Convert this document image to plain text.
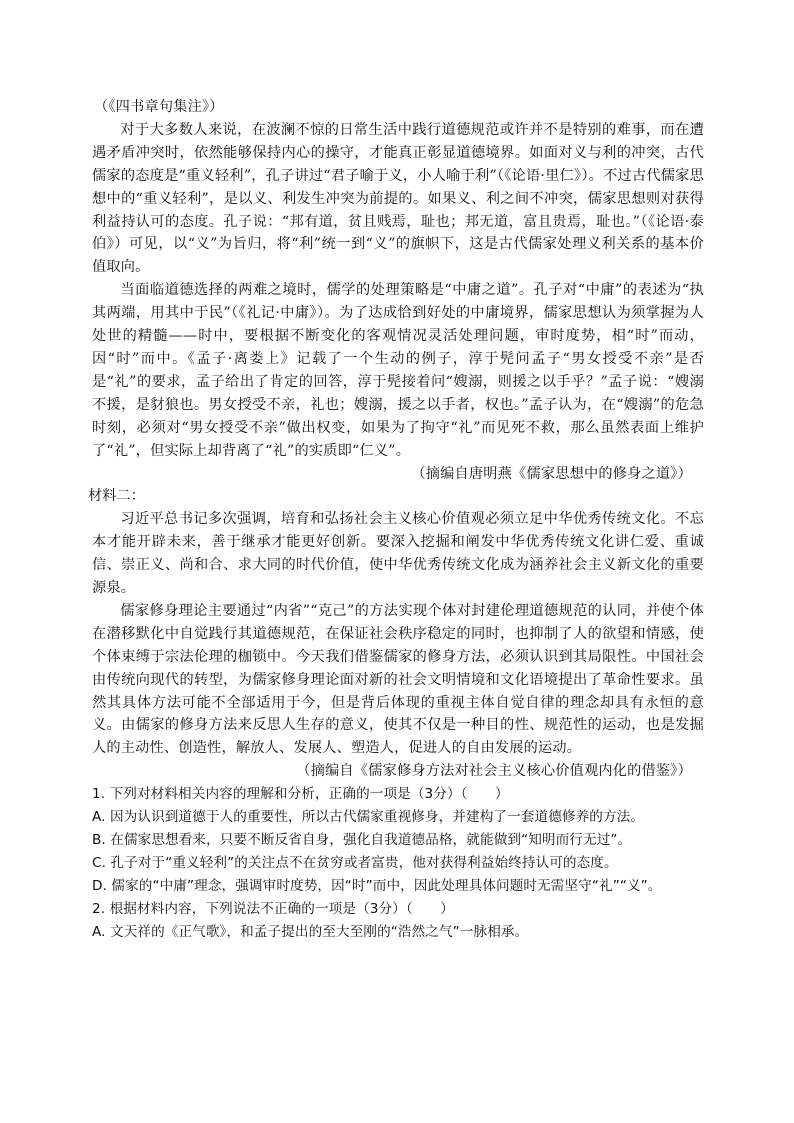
（《四书章句集注》）

对于大多数人来说，在波澜不惊的日常生活中践行道德规范或许并不是特别的难事，而在遭遇矛盾冲突时，依然能够保持内心的操守，才能真正彰显道德境界。如面对义与利的冲突，古代儒家的态度是“重义轻利”，孔子讲过“君子喻于义，小人喻于利”（《论语·里仁》）。不过古代儒家思想中的“重义轻利”，是以义、利发生冲突为前提的。如果义、利之间不冲突，儒家思想则对获得利益持认可的态度。孔子说：“邦有道，贫且贱焉，耻也；邦无道，富且贵焉，耻也。”（《论语·泰伯》）可见，以“义”为旨归，将“利”统一到“义”的旗帜下，这是古代儒家处理义利关系的基本价值取向。

当面临道德选择的两难之境时，儒学的处理策略是“中庸之道”。孔子对“中庸”的表述为“执其两端，用其中于民”（《礼记·中庸》）。为了达成恰到好处的中庸境界，儒家思想认为须掌握为人处世的精髓——时中，要根据不断变化的客观情况灵活处理问题，审时度势，相“时”而动，因“时”而中。《孟子·离娄上》记载了一个生动的例子，淳于髡问孟子“男女授受不亲”是否是“礼”的要求，孟子给出了肯定的回答，淳于髡接着问“嫂溺，则援之以手乎？”孟子说：“嫂溺不援，是豺狼也。男女授受不亲，礼也；嫂溺，援之以手者，权也。”孟子认为，在“嫂溺”的危急时刻，必须对“男女授受不亲”做出权变，如果为了拘守“礼”而见死不救，那么虽然表面上维护了“礼”，但实际上却背离了“礼”的实质即“仁义”。

（摘编自唐明燕《儒家思想中的修身之道》）

材料二：

习近平总书记多次强调，培育和弘扬社会主义核心价值观必须立足中华优秀传统文化。不忘本才能开辟未来，善于继承才能更好创新。要深入挖掘和阐发中华优秀传统文化讲仁爱、重诚信、崇正义、尚和合、求大同的时代价值，使中华优秀传统文化成为涵养社会主义新文化的重要源泉。

儒家修身理论主要通过“内省”“克己”的方法实现个体对封建伦理道德规范的认同，并使个体在潜移默化中自觉践行其道德规范，在保证社会秩序稳定的同时，也抑制了人的欲望和情感，使个体束缚于宗法伦理的枷锁中。今天我们借鉴儒家的修身方法，必须认识到其局限性。中国社会由传统向现代的转型，为儒家修身理论面对新的社会文明情境和文化语境提出了革命性要求。虽然其具体方法可能不全部适用于今，但是背后体现的重视主体自觉自律的理念却具有永恒的意义。由儒家的修身方法来反思人生存的意义，使其不仅是一种目的性、规范性的运动，也是发掘人的主动性、创造性，解放人、发展人、塑造人，促进人的自由发展的运动。

（摘编自《儒家修身方法对社会主义核心价值观内化的借鉴》）

1. 下列对材料相关内容的理解和分析，正确的一项是（3分）（　　）

A. 因为认识到道德于人的重要性，所以古代儒家重视修身，并建构了一套道德修养的方法。

B. 在儒家思想看来，只要不断反省自身，强化自我道德品格，就能做到“知明而行无过”。

C. 孔子对于“重义轻利”的关注点不在贫穷或者富贵，他对获得利益始终持认可的态度。

D. 儒家的“中庸”理念，强调审时度势，因“时”而中，因此处理具体问题时无需坚守“礼”“义”。

2. 根据材料内容，下列说法不正确的一项是（3分）（　　）

A. 文天祥的《正气歌》，和孟子提出的至大至刚的“浩然之气”一脉相承。
